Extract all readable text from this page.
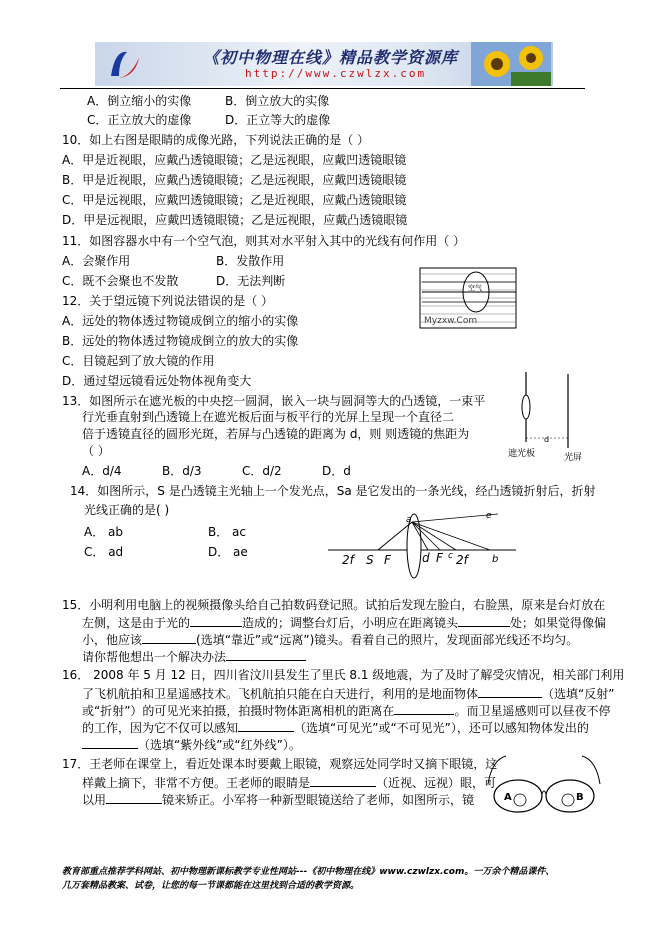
《初中物理在线》精品教学资源库
http://www.czwlzx.com
A．倒立缩小的实像	B．倒立放大的实像
C．正立放大的虚像	D．正立等大的虚像
10．如上右图是眼睛的成像光路，下列说法正确的是（ ）
A．甲是近视眼，应戴凸透镜眼镜；乙是远视眼，应戴凹透镜眼镜
B．甲是近视眼，应戴凸透镜眼镜；乙是远视眼，应戴凹透镜眼镜
C．甲是远视眼，应戴凹透镜眼镜；乙是近视眼，应戴凸透镜眼镜
D．甲是远视眼，应戴凹透镜眼镜；乙是远视眼，应戴凸透镜眼镜
11．如图容器水中有一个空气泡，则其对水平射入其中的光线有何作用（ ）
A．会聚作用	B．发散作用
C．既不会聚也不发散	D．无法判断	空气
Myzxw.Com
12．关于望远镜下列说法错误的是（ ）
A．远处的物体透过物镜成倒立的缩小的实像
B．远处的物体透过物镜成倒立的放大的实像
C．目镜起到了放大镜的作用
D．通过望远镜看远处物体视角变大
13．如图所示在遮光板的中央挖一圆洞，嵌入一块与圆洞等大的凸透镜，一束平
行光垂直射到凸透镜上在遮光板后面与板平行的光屏上呈现一个直径二
倍于透镜直径的圆形光斑，若屏与凸透镜的距离为 d，则 则透镜的焦距为
（ ）
A．d/4	B．d/3	C．d/2	D．d
d
遮光板	光屏
14．如图所示，S 是凸透镜主光轴上一个发光点，Sa 是它发出的一条光线，经凸透镜折射后，折射
光线正确的是( )
A． ab	B． ac
C． ad	D． ae
2f S F	d F c 2f b
a	e
15．小明利用电脑上的视频摄像头给自己拍数码登记照。试拍后发现左脸白，右脸黑，原来是台灯放在
左侧，这是由于光的	造成的；调整台灯后，小明应在距离镜头	处；如果觉得像偏
小，他应该	(选填“靠近”或“远离”)镜头。看着自己的照片，发现面部光线还不均匀。
请你帮他想出一个解决办法
16． 2008 年 5 月 12 日，四川省汶川县发生了里氏 8.1 级地震，为了及时了解受灾情况，相关部门利用
了飞机航拍和卫星遥感技术。飞机航拍只能在白天进行，利用的是地面物体	（选填“反射”
或“折射”）的可见光来拍摄，拍摄时物体距离相机的距离在	。而卫星遥感则可以昼夜不停
的工作，因为它不仅可以感知	（选填“可见光”或“不可见光”），还可以感知物体发出的
（选填“紫外线”或“红外线”）。
17．王老师在课堂上，看近处课本时要戴上眼镜，观察远处同学时又摘下眼镜，这
样戴上摘下，非常不方便。王老师的眼睛是	（近视、远视）眼，可
以用	镜来矫正。小军将一种新型眼镜送给了老师，如图所示，镜	A	B
教育部重点推荐学科网站、初中物理新课标教学专业性网站---《初中物理在线》www.czwlzx.com。一万余个精品课件、
几万套精品教案、试卷，让您的每一节课都能在这里找到合适的教学资源。
